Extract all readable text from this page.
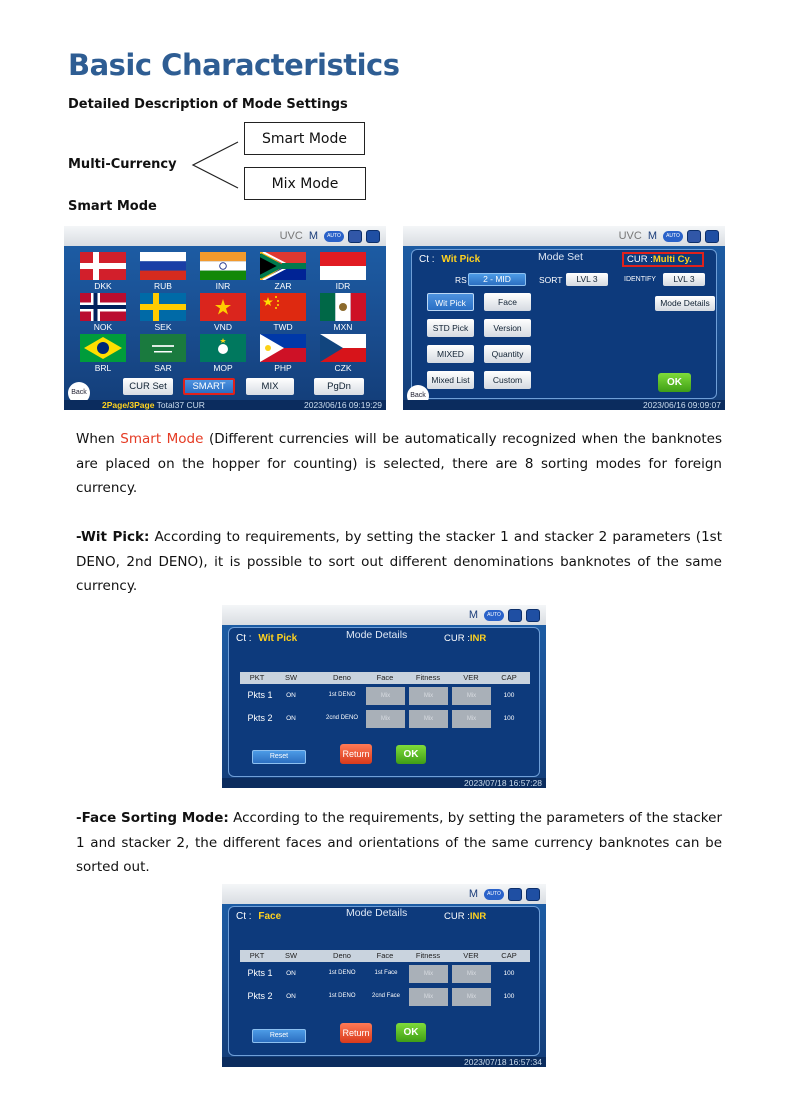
Basic Characteristics
Detailed Description of Mode Settings
Multi-Currency
Smart Mode
Mix Mode
Smart Mode
UVC M	AUTO
DKK	RUB	INR	ZAR	IDR
NOK	SEK	VND	TWD	MXN
BRL	SAR	MOP	PHP	CZK
Back
CUR Set	SMART	MIX	PgDn
2Page/3Page Total37 CUR	2023/06/16 09:19:29
UVC M	AUTO
Ct : Wit Pick	Mode Set	CUR :Multi Cy.
RS	2 - MID	SORT	LVL 3	IDENTIFY	LVL 3
Mode Details
Wit Pick	Face
STD Pick	Version
MIXED	Quantity
Mixed List	Custom	OK
Back
2023/06/16 09:09:07
When Smart Mode (Different currencies will be automatically recognized when the banknotes are placed on the hopper for counting) is selected, there are 8 sorting modes for foreign currency.
-Wit Pick: According to requirements, by setting the stacker 1 and stacker 2 parameters (1st DENO, 2nd DENO), it is possible to sort out different denominations banknotes of the same currency.
M	AUTO
Ct : Wit Pick	Mode Details	CUR :INR
PKT	SW	Deno	Face	Fitness	VER	CAP
Pkts 1	ON	1st DENO	Mix	Mix	Mix	100
Pkts 2	ON	2cnd DENO	Mix	Mix	Mix	100
Reset	Return	OK
2023/07/18 16:57:28
-Face Sorting Mode: According to the requirements, by setting the parameters of the stacker 1 and stacker 2, the different faces and orientations of the same currency banknotes can be sorted out.
M	AUTO
Ct : Face	Mode Details	CUR :INR
PKT	SW	Deno	Face	Fitness	VER	CAP
Pkts 1	ON	1st DENO	1st Face	Mix	Mix	100
Pkts 2	ON	1st DENO	2cnd Face	Mix	Mix	100
Reset	Return	OK
2023/07/18 16:57:34
